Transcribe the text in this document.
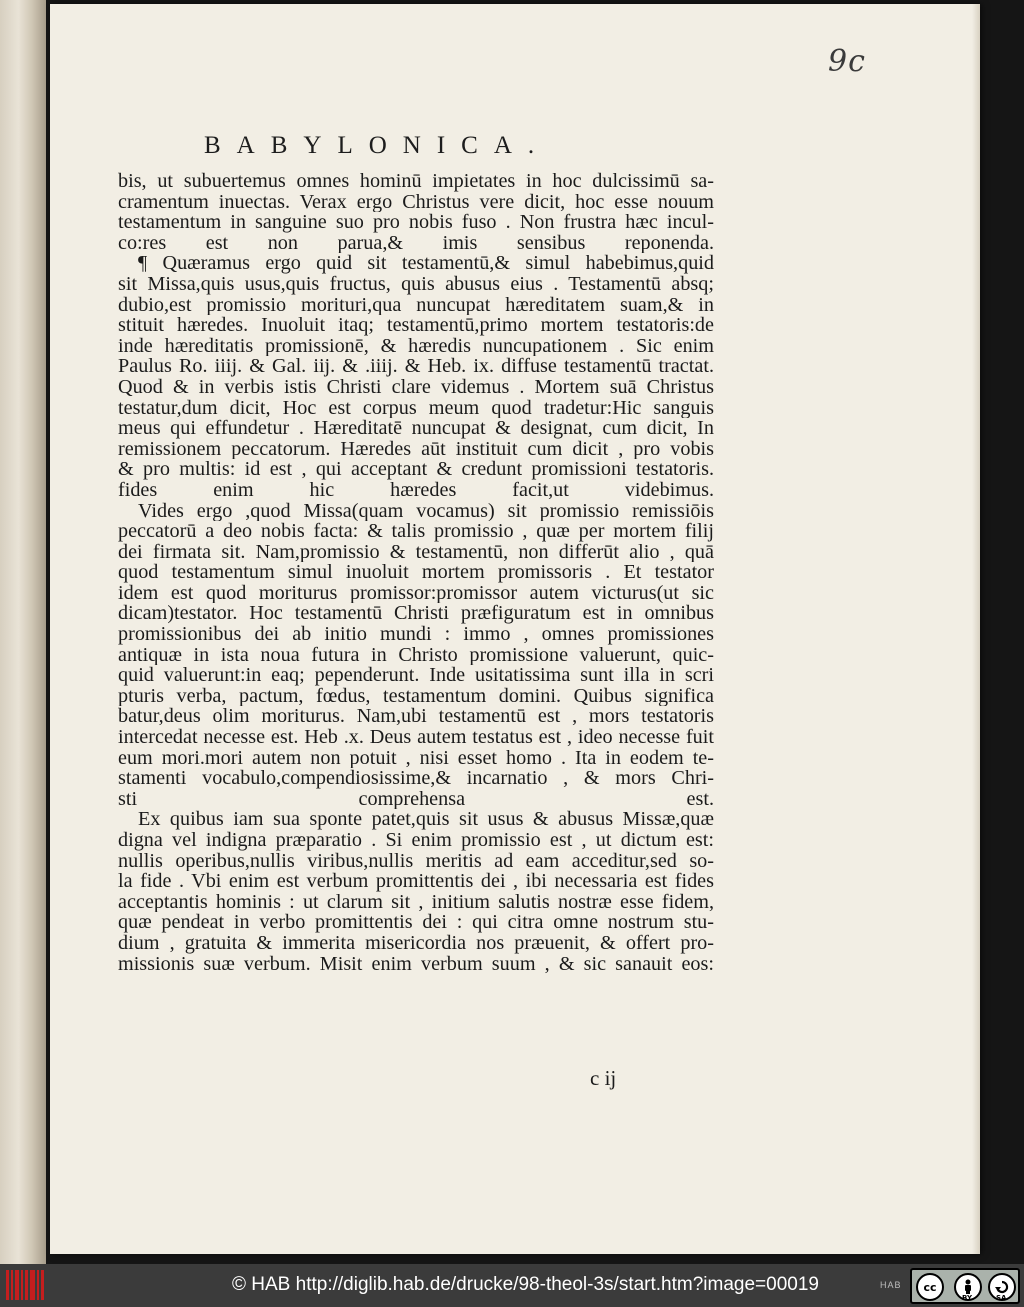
9c
BABYLONICA.
bis, ut subuertemus omnes hominū impietates in hoc dulcissimū sa-
cramentum inuectas. Verax ergo Christus vere dicit, hoc esse nouum
testamentum in sanguine suo pro nobis fuso . Non frustra hæc incul-
co:res est non parua,& imis sensibus reponenda.
¶ Quæramus ergo quid sit testamentū,& simul habebimus,quid
sit Missa,quis usus,quis fructus, quis abusus eius . Testamentū absq;
dubio,est promissio morituri,qua nuncupat hæreditatem suam,& in
stituit hæredes. Inuoluit itaq; testamentū,primo mortem testatoris:de
inde hæreditatis promissionē, & hæredis nuncupationem . Sic enim
Paulus Ro. iiij. & Gal. iij. & .iiij. & Heb. ix. diffuse testamentū tractat.
Quod & in verbis istis Christi clare videmus . Mortem suā Christus
testatur,dum dicit, Hoc est corpus meum quod tradetur:Hic sanguis
meus qui effundetur . Hæreditatē nuncupat & designat, cum dicit, In
remissionem peccatorum. Hæredes aūt instituit cum dicit , pro vobis
& pro multis: id est , qui acceptant & credunt promissioni testatoris.
fides enim hic hæredes facit,ut videbimus.
Vides ergo ,quod Missa(quam vocamus) sit promissio remissiōis
peccatorū a deo nobis facta: & talis promissio , quæ per mortem filij
dei firmata sit. Nam,promissio & testamentū, non differūt alio , quā
quod testamentum simul inuoluit mortem promissoris . Et testator
idem est quod moriturus promissor:promissor autem victurus(ut sic
dicam)testator. Hoc testamentū Christi præfiguratum est in omnibus
promissionibus dei ab initio mundi : immo , omnes promissiones
antiquæ in ista noua futura in Christo promissione valuerunt, quic-
quid valuerunt:in eaq; pependerunt. Inde usitatissima sunt illa in scri
pturis verba, pactum, fœdus, testamentum domini. Quibus significa
batur,deus olim moriturus. Nam,ubi testamentū est , mors testatoris
intercedat necesse est. Heb .x. Deus autem testatus est , ideo necesse fuit
eum mori.mori autem non potuit , nisi esset homo . Ita in eodem te-
stamenti vocabulo,compendiosissime,& incarnatio , & mors Chri-
sti comprehensa est.
Ex quibus iam sua sponte patet,quis sit usus & abusus Missæ,quæ
digna vel indigna præparatio . Si enim promissio est , ut dictum est:
nullis operibus,nullis viribus,nullis meritis ad eam acceditur,sed so-
la fide . Vbi enim est verbum promittentis dei , ibi necessaria est fides
acceptantis hominis : ut clarum sit , initium salutis nostræ esse fidem,
quæ pendeat in verbo promittentis dei : qui citra omne nostrum stu-
dium , gratuita & immerita misericordia nos præuenit, & offert pro-
missionis suæ verbum. Misit enim verbum suum , & sic sanauit eos:
c ij
© HAB http://diglib.hab.de/drucke/98-theol-3s/start.htm?image=00019	HAB	cc
BY	SA
